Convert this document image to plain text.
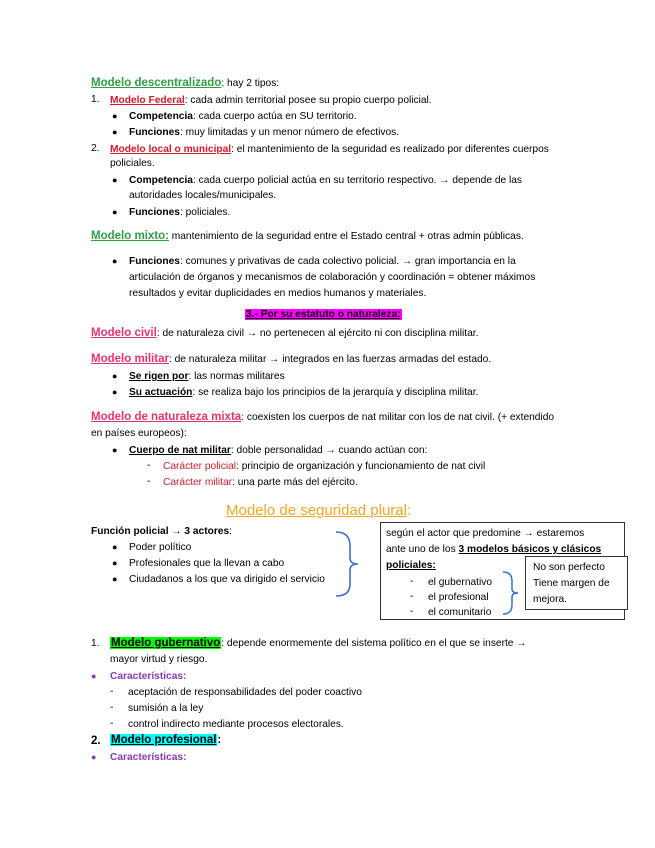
Modelo descentralizado: hay 2 tipos:
1. Modelo Federal: cada admin territorial posee su propio cuerpo policial.
● Competencia: cada cuerpo actúa en SU territorio.
● Funciones: muy limitadas y un menor número de efectivos.
2. Modelo local o municipal: el mantenimiento de la seguridad es realizado por diferentes cuerpos
policiales.
● Competencia: cada cuerpo policial actúa en su territorio respectivo. → depende de las
autoridades locales/municipales.
● Funciones: policiales.
Modelo mixto: mantenimiento de la seguridad entre el Estado central + otras admin públicas.
● Funciones: comunes y privativas de cada colectivo policial. → gran importancia en la
articulación de órganos y mecanismos de colaboración y coordinación = obtener máximos
resultados y evitar duplicidades en medios humanos y materiales.
3.- Por su estatuto o naturaleza:
Modelo civil: de naturaleza civil → no pertenecen al ejército ni con disciplina militar.
Modelo militar: de naturaleza militar → integrados en las fuerzas armadas del estado.
● Se rigen por: las normas militares
● Su actuación: se realiza bajo los principios de la jerarquía y disciplina militar.
Modelo de naturaleza mixta: coexisten los cuerpos de nat militar con los de nat civil. (+ extendido
en países europeos):
● Cuerpo de nat militar: doble personalidad → cuando actúan con:
- Carácter policial: principio de organización y funcionamiento de nat civil
- Carácter militar: una parte más del ejército.
Modelo de seguridad plural:
Función policial → 3 actores:
● Poder político
● Profesionales que la llevan a cabo
● Ciudadanos a los que va dirigido el servicio
según el actor que predomine → estaremos
ante uno de los 3 modelos básicos y clásicos
policiales:
- el gubernativo
- el profesional
- el comunitario
No son perfecto
Tiene margen de
mejora.
1. Modelo gubernativo: depende enormemente del sistema político en el que se inserte →
mayor virtud y riesgo.
● Características:
- aceptación de responsabilidades del poder coactivo
- sumisión a la ley
- control indirecto mediante procesos electorales.
2. Modelo profesional:
● Características:
